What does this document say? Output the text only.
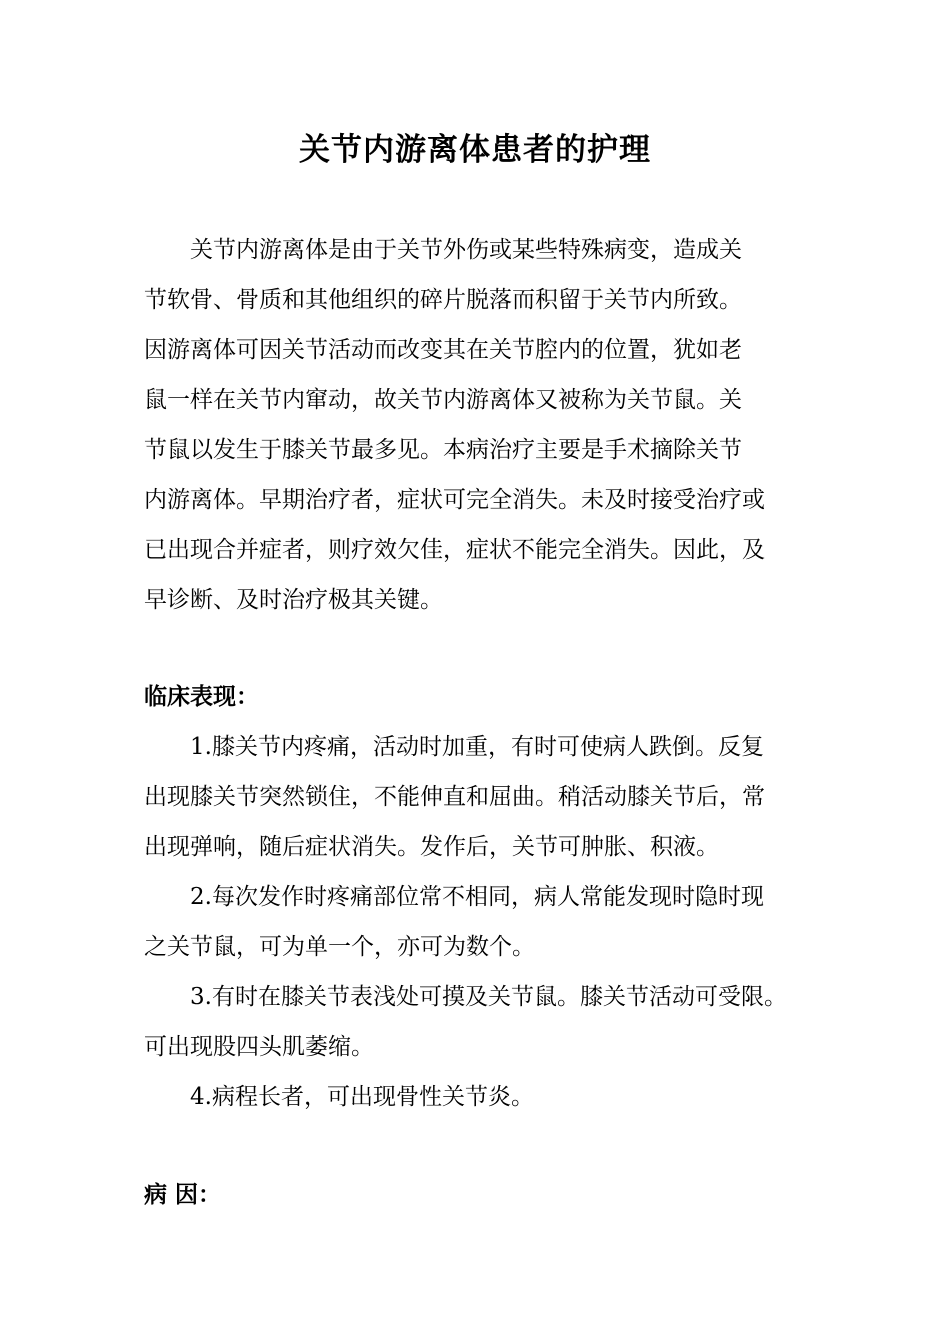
关节内游离体患者的护理
关节内游离体是由于关节外伤或某些特殊病变，造成关
节软骨、骨质和其他组织的碎片脱落而积留于关节内所致。
因游离体可因关节活动而改变其在关节腔内的位置，犹如老
鼠一样在关节内窜动，故关节内游离体又被称为关节鼠。关
节鼠以发生于膝关节最多见。本病治疗主要是手术摘除关节
内游离体。早期治疗者，症状可完全消失。未及时接受治疗或
已出现合并症者，则疗效欠佳，症状不能完全消失。因此，及
早诊断、及时治疗极其关键。
临床表现：
1.膝关节内疼痛，活动时加重，有时可使病人跌倒。反复
出现膝关节突然锁住，不能伸直和屈曲。稍活动膝关节后，常
出现弹响，随后症状消失。发作后，关节可肿胀、积液。
2.每次发作时疼痛部位常不相同，病人常能发现时隐时现
之关节鼠，可为单一个，亦可为数个。
3.有时在膝关节表浅处可摸及关节鼠。膝关节活动可受限。
可出现股四头肌萎缩。
4.病程长者，可出现骨性关节炎。
病 因：
